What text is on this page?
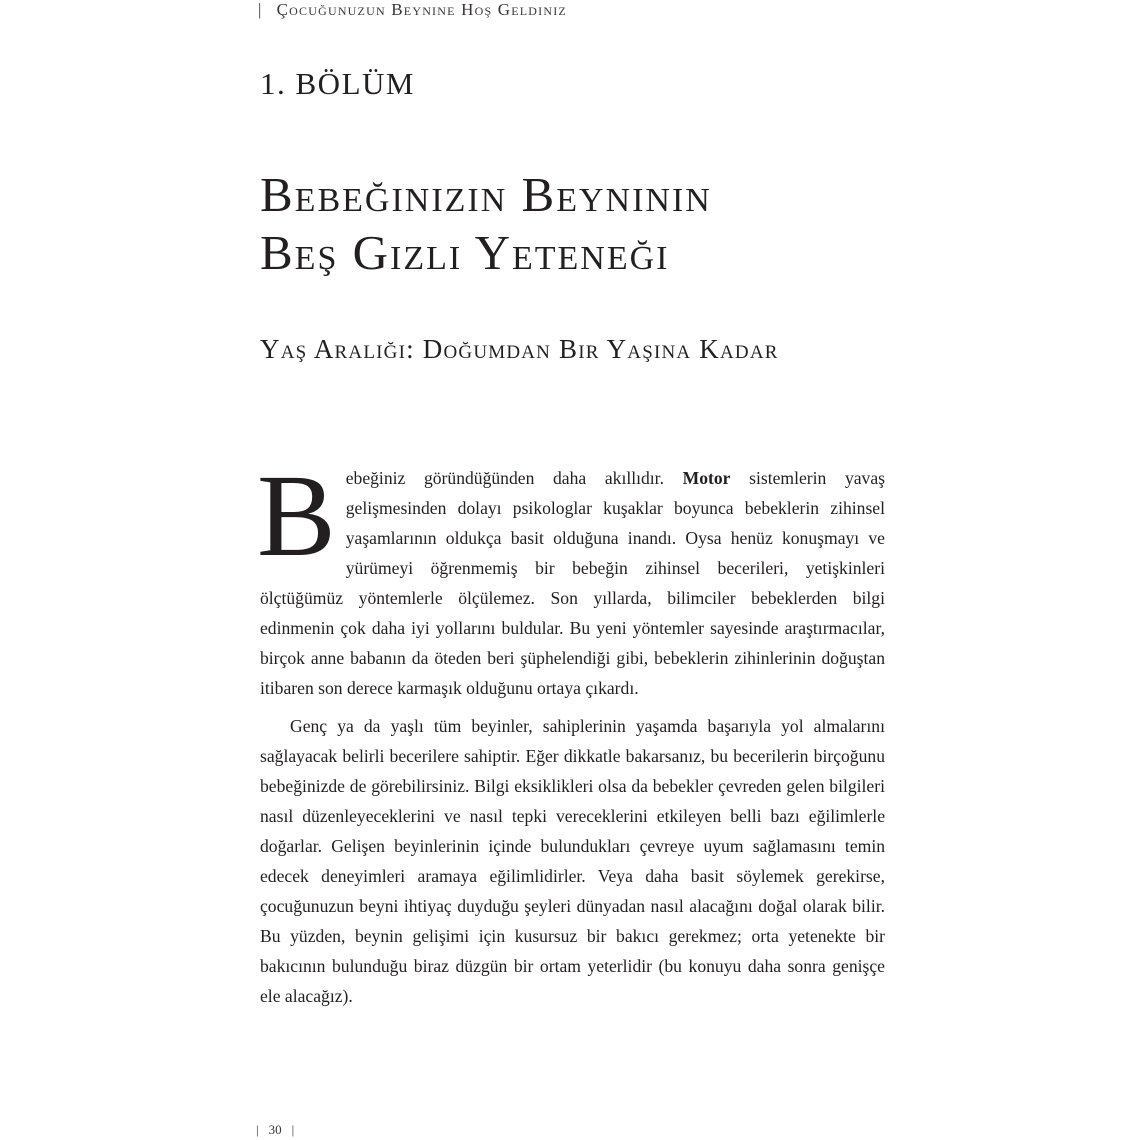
| Çocuğunuzun Beynine Hoş Geldiniz
1. BÖLÜM
Bebeğinizin Beyninin
Beş Gizli Yeteneği
Yaş Aralığı: Doğumdan Bir Yaşına Kadar

Bebeğiniz göründüğünden daha akıllıdır. Motor sistemlerin yavaş gelişmesinden dolayı psikologlar kuşaklar boyunca bebeklerin zihinsel yaşamlarının oldukça basit olduğuna inandı. Oysa henüz konuşmayı ve yürümeyi öğrenmemiş bir bebeğin zihinsel becerileri, yetişkinleri ölçtüğümüz yöntemlerle ölçülemez. Son yıllarda, bilimciler bebeklerden bilgi edinmenin çok daha iyi yollarını buldular. Bu yeni yöntemler sayesinde araştırmacılar, birçok anne babanın da öteden beri şüphelendiği gibi, bebeklerin zihinlerinin doğuştan itibaren son derece karmaşık olduğunu ortaya çıkardı.

Genç ya da yaşlı tüm beyinler, sahiplerinin yaşamda başarıyla yol almalarını sağlayacak belirli becerilere sahiptir. Eğer dikkatle bakarsanız, bu becerilerin birçoğunu bebeğinizde de görebilirsiniz. Bilgi eksiklikleri olsa da bebekler çevreden gelen bilgileri nasıl düzenleyeceklerini ve nasıl tepki vereceklerini etkileyen belli bazı eğilimlerle doğarlar. Gelişen beyinlerinin içinde bulundukları çevreye uyum sağlamasını temin edecek deneyimleri aramaya eğilimlidirler. Veya daha basit söylemek gerekirse, çocuğunuzun beyni ihtiyaç duyduğu şeyleri dünyadan nasıl alacağını doğal olarak bilir. Bu yüzden, beynin gelişimi için kusursuz bir bakıcı gerekmez; orta yetenekte bir bakıcının bulunduğu biraz düzgün bir ortam yeterlidir (bu konuyu daha sonra genişçe ele alacağız).

| 30 |
